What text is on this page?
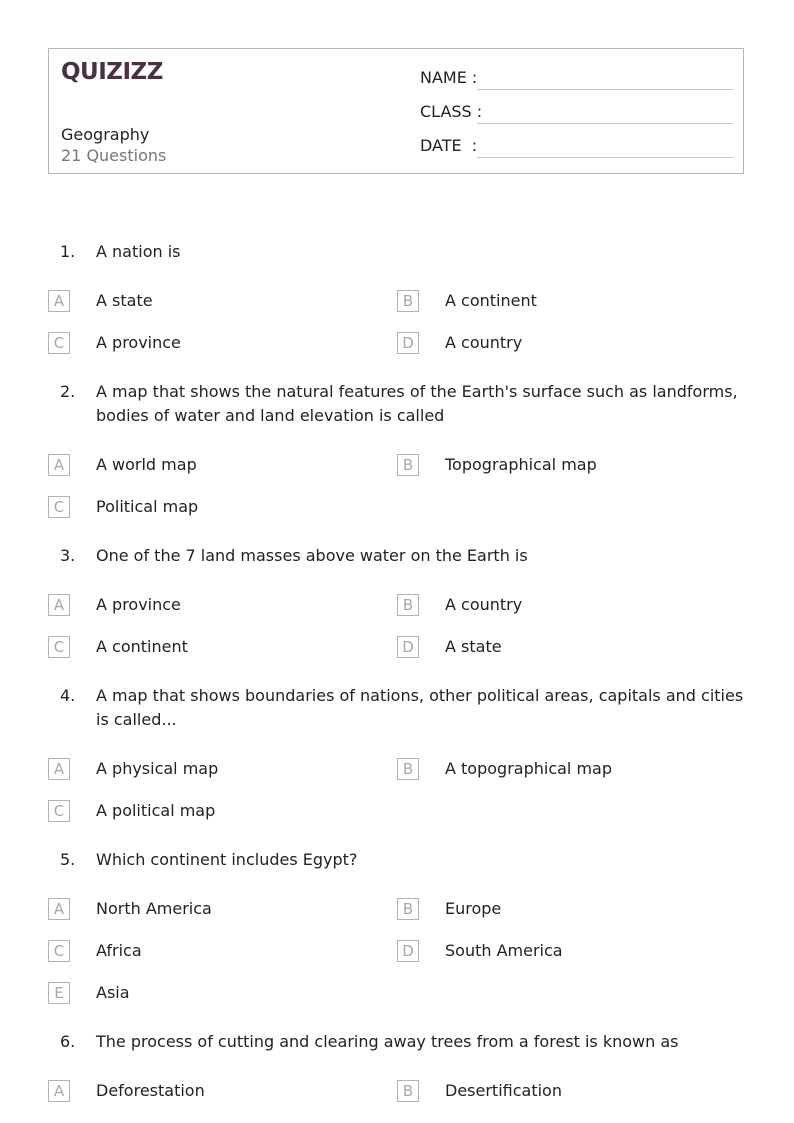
QUIZIZZ
Geography
21 Questions
NAME :
CLASS :
DATE  :
1. A nation is
A	A state	B	A continent
C	A province	D	A country
2. A map that shows the natural features of the Earth's surface such as landforms, bodies of water and land elevation is called
A	A world map	B	Topographical map
C	Political map
3. One of the 7 land masses above water on the Earth is
A	A province	B	A country
C	A continent	D	A state
4. A map that shows boundaries of nations, other political areas, capitals and cities is called...
A	A physical map	B	A topographical map
C	A political map
5. Which continent includes Egypt?
A	North America	B	Europe
C	Africa	D	South America
E	Asia
6. The process of cutting and clearing away trees from a forest is known as
A	Deforestation	B	Desertification
